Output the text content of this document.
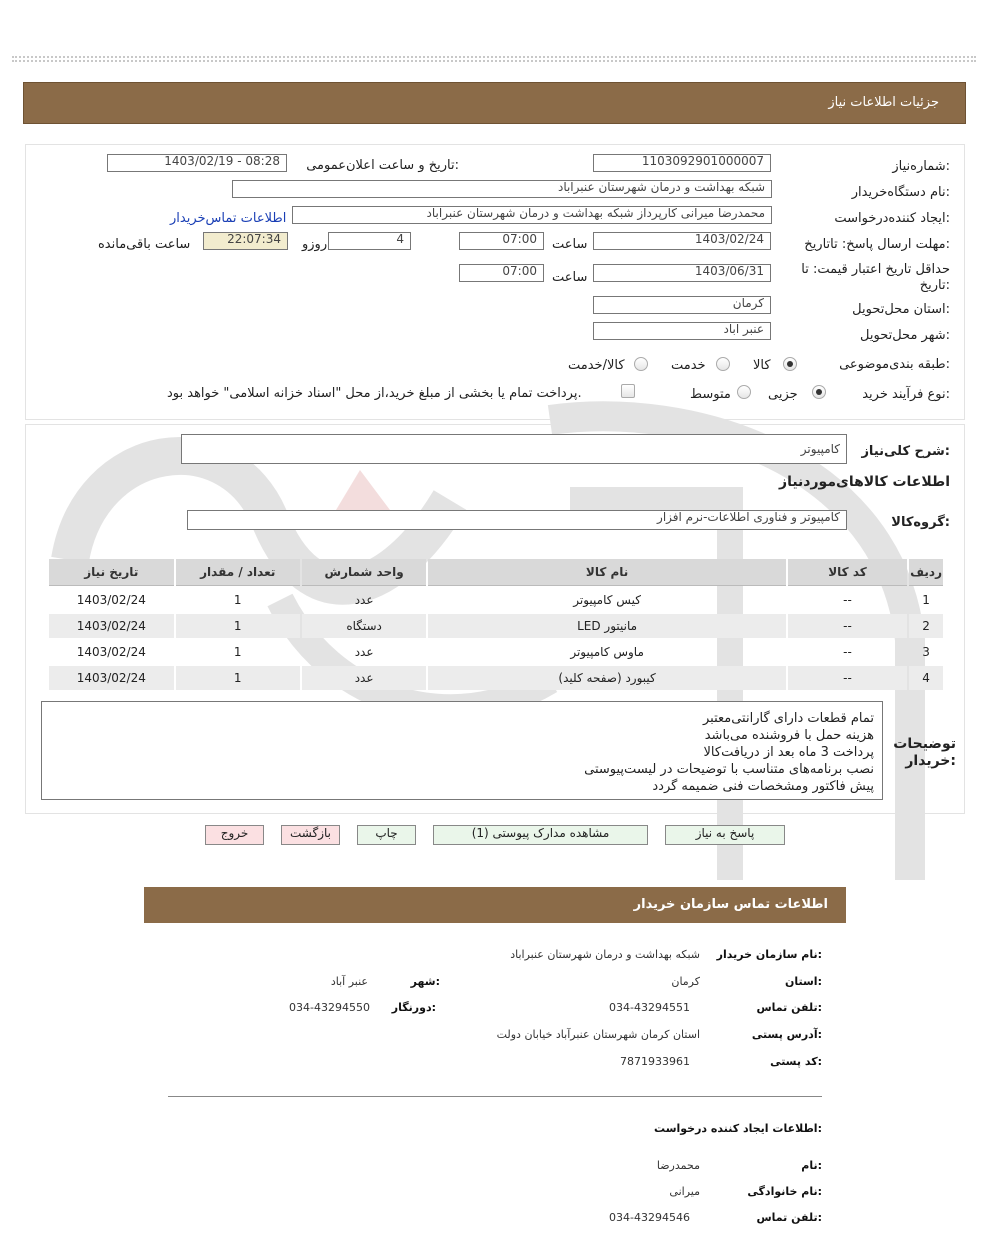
جزئیات اطلاعات نیاز
شماره‌نیاز:
1103092901000007
تاریخ و ساعت اعلان‌عمومی:
1403/02/19 - 08:28
نام دستگاه‌خریدار:
شبکه بهداشت و درمان شهرستان عنبراباد
ایجاد کننده‌درخواست:
محمدرضا میرانی کارپرداز شبکه بهداشت و درمان شهرستان عنبراباد
اطلاعات تماس‌خریدار
مهلت ارسال پاسخ: تاتاریخ:
1403/02/24
ساعت
07:00
4
روزو
22:07:34
ساعت باقی‌مانده
حداقل تاریخ اعتبار قیمت: تا تاریخ:
1403/06/31
ساعت
07:00
استان محل‌تحویل:
کرمان
شهر محل‌تحویل:
عنبر اباد
طبقه بندی‌موضوعی:
کالا
خدمت
کالا/خدمت
نوع فرآیند خرید:
جزیی
متوسط
پرداخت تمام یا بخشی از مبلغ خرید،از محل "اسناد خزانه اسلامی" خواهد بود.
شرح کلی‌نیاز:
کامپیوتر
اطلاعات کالاهای‌مورد‌نیاز
گروه‌کالا:
کامپیوتر و فناوری اطلاعات-نرم افزار
ردیف	کد کالا	نام کالا	واحد شمارش	تعداد / مقدار	تاریخ نیاز
1	--	کیس کامپیوتر	عدد	1	1403/02/24
2	--	مانیتور LED	دستگاه	1	1403/02/24
3	--	ماوس کامپیوتر	عدد	1	1403/02/24
4	--	کیبورد (صفحه کلید)	عدد	1	1403/02/24
توضیحات خریدار:
تمام قطعات دارای گارانتی‌معتبر
هزینه حمل با فروشنده می‌باشد
پرداخت 3 ماه بعد از دریافت‌کالا
نصب برنامه‌های متناسب با توضیحات در لیست‌پیوستی
پیش فاکتور ومشخصات فنی ضمیمه گردد
پاسخ به نیاز
مشاهده مدارک پیوستی (1)
چاپ
بازگشت
خروج
اطلاعات تماس سازمان خریدار
نام سازمان خریدار:
شبکه بهداشت و درمان شهرستان عنبراباد
استان:
کرمان
شهر:
عنبر آباد
تلفن تماس:
034-43294551
دورنگار:
034-43294550
آدرس پستی:
استان کرمان شهرستان عنبرآباد خیابان دولت
کد پستی:
7871933961
اطلاعات ایجاد کننده درخواست:
نام:
محمدرضا
نام خانوادگی:
میرانی
تلفن تماس:
034-43294546
